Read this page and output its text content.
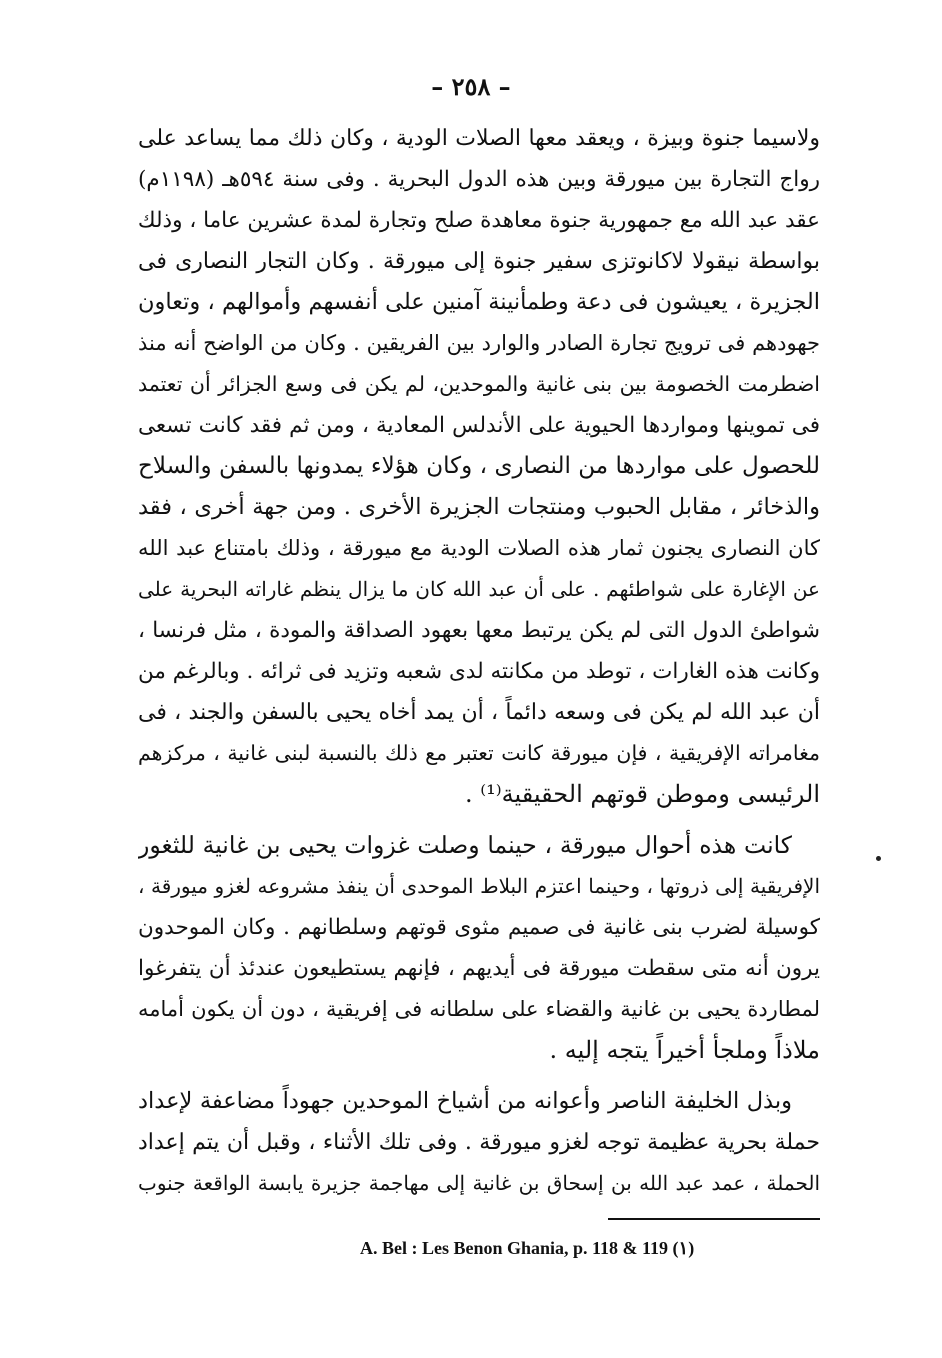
– ٢٥٨ –
ولاسيما جنوة وبيزة ، ويعقد معها الصلات الودية ، وكان ذلك مما يساعد على
رواج التجارة بين ميورقة وبين هذه الدول البحرية . وفى سنة ٥٩٤هـ (١١٩٨م)
عقد عبد الله مع جمهورية جنوة معاهدة صلح وتجارة لمدة عشرين عاما ، وذلك
بواسطة نيقولا لاكانوتزى سفير جنوة إلى ميورقة . وكان التجار النصارى فى
الجزيرة ، يعيشون فى دعة وطمأنينة آمنين على أنفسهم وأموالهم ، وتعاون
جهودهم فى ترويج تجارة الصادر والوارد بين الفريقين . وكان من الواضح أنه منذ
اضطرمت الخصومة بين بنى غانية والموحدين، لم يكن فى وسع الجزائر أن تعتمد
فى تموينها ومواردها الحيوية على الأندلس المعادية ، ومن ثم فقد كانت تسعى
للحصول على مواردها من النصارى ، وكان هؤلاء يمدونها بالسفن والسلاح
والذخائر ، مقابل الحبوب ومنتجات الجزيرة الأخرى . ومن جهة أخرى ، فقد
كان النصارى يجنون ثمار هذه الصلات الودية مع ميورقة ، وذلك بامتناع عبد الله
عن الإغارة على شواطئهم . على أن عبد الله كان ما يزال ينظم غاراته البحرية على
شواطئ الدول التى لم يكن يرتبط معها بعهود الصداقة والمودة ، مثل فرنسا ،
وكانت هذه الغارات ، توطد من مكانته لدى شعبه وتزيد فى ثرائه . وبالرغم من
أن عبد الله لم يكن فى وسعه دائماً ، أن يمد أخاه يحيى بالسفن والجند ، فى
مغامراته الإفريقية ، فإن ميورقة كانت تعتبر مع ذلك بالنسبة لبنى غانية ، مركزهم
الرئيسى وموطن قوتهم الحقيقية⁽¹⁾ .
كانت هذه أحوال ميورقة ، حينما وصلت غزوات يحيى بن غانية للثغور
الإفريقية إلى ذروتها ، وحينما اعتزم البلاط الموحدى أن ينفذ مشروعه لغزو ميورقة ،
كوسيلة لضرب بنى غانية فى صميم مثوى قوتهم وسلطانهم . وكان الموحدون
يرون أنه متى سقطت ميورقة فى أيديهم ، فإنهم يستطيعون عندئذ أن يتفرغوا
لمطاردة يحيى بن غانية والقضاء على سلطانه فى إفريقية ، دون أن يكون أمامه
ملاذاً وملجأ أخيراً يتجه إليه .
وبذل الخليفة الناصر وأعوانه من أشياخ الموحدين جهوداً مضاعفة لإعداد
حملة بحرية عظيمة توجه لغزو ميورقة . وفى تلك الأثناء ، وقبل أن يتم إعداد
الحملة ، عمد عبد الله بن إسحاق بن غانية إلى مهاجمة جزيرة يابسة الواقعة جنوب
A. Bel : Les Benon Ghania, p. 118 & 119 (١)
